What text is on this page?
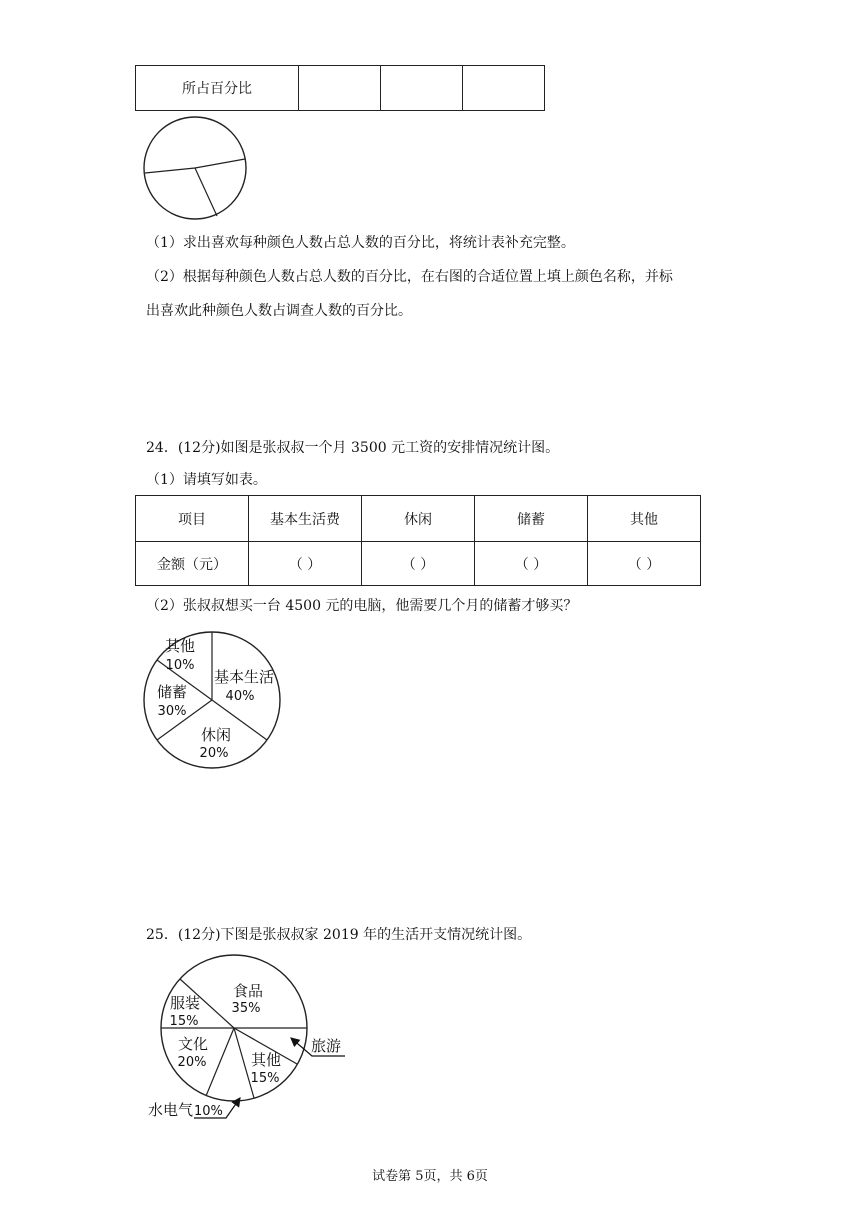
所占百分比			
（1）求出喜欢每种颜色人数占总人数的百分比，将统计表补充完整。
（2）根据每种颜色人数占总人数的百分比，在右图的合适位置上填上颜色名称，并标
出喜欢此种颜色人数占调查人数的百分比。
24．(12分)如图是张叔叔一个月 3500 元工资的安排情况统计图。
（1）请填写如表。
项目	基本生活费	休闲	储蓄	其他
金额（元）	（ ）	（ ）	（ ）	（ ）
（2）张叔叔想买一台 4500 元的电脑，他需要几个月的储蓄才够买？
其他
10%
基本生活
40%
储蓄
30%
休闲
20%
25．(12分)下图是张叔叔家 2019 年的生活开支情况统计图。
食品
35%
服装
15%
文化
20%	其他
15%
旅游
水电气 10%
试卷第 5页，共 6页
